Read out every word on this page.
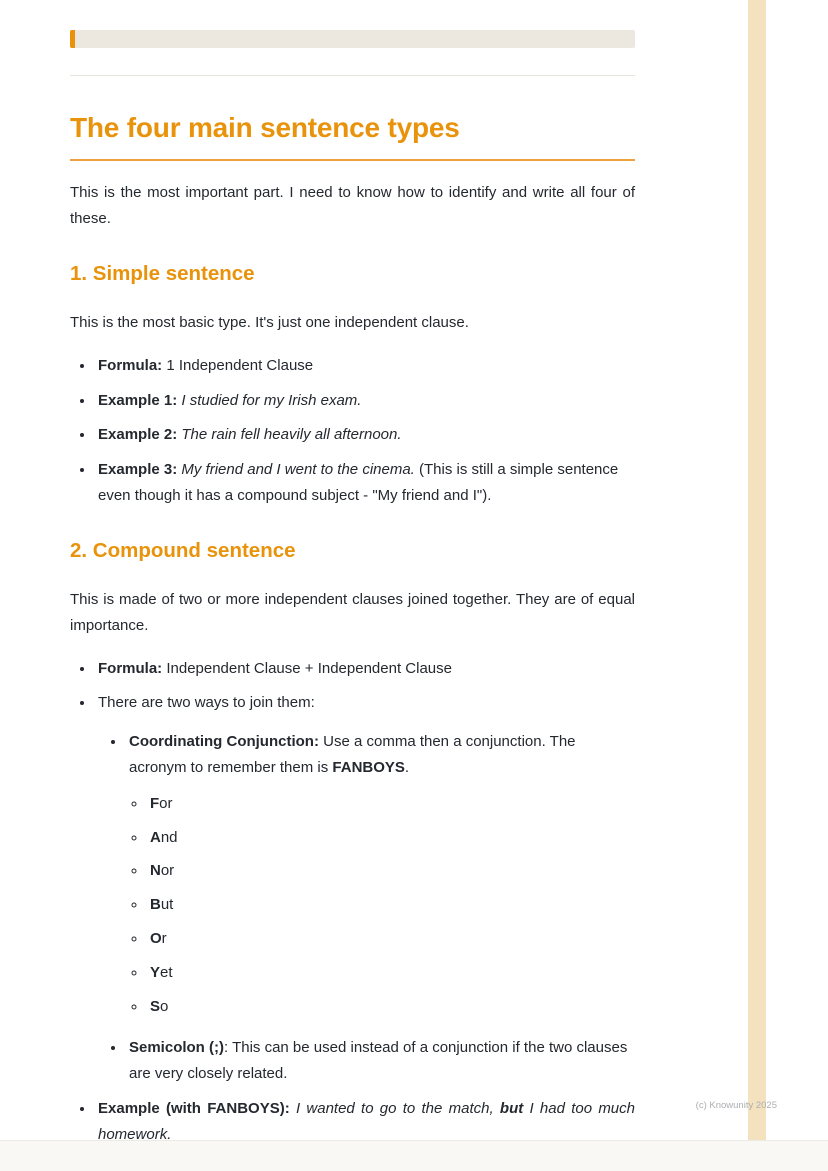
The four main sentence types

This is the most important part. I need to know how to identify and write all four of these.

1. Simple sentence

This is the most basic type. It's just one independent clause.

• Formula: 1 Independent Clause
• Example 1: I studied for my Irish exam.
• Example 2: The rain fell heavily all afternoon.
• Example 3: My friend and I went to the cinema. (This is still a simple sentence even though it has a compound subject - "My friend and I").
2. Compound sentence

This is made of two or more independent clauses joined together. They are of equal importance.

• Formula: Independent Clause + Independent Clause
• There are two ways to join them:
• Coordinating Conjunction: Use a comma then a conjunction. The acronym to remember them is FANBOYS.
◦ For
◦ And
◦ Nor
◦ But
◦ Or
◦ Yet
◦ So
• Semicolon (;): This can be used instead of a conjunction if the two clauses are very closely related.
• Example (with FANBOYS): I wanted to go to the match, but I had too much homework.
(c) Knowunity 2025
